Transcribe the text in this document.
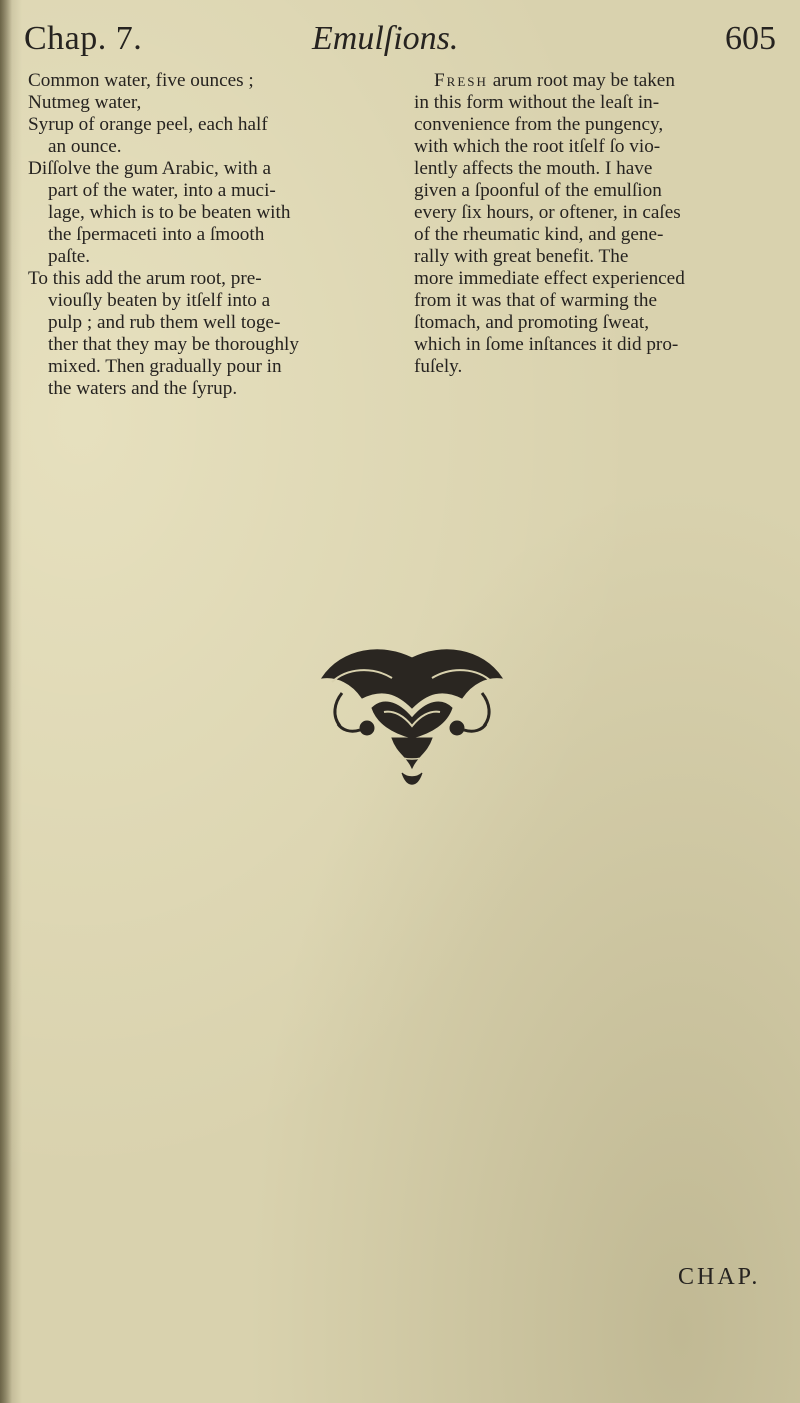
Chap. 7.	Emulſions.	605
Common water, five ounces ;
Nutmeg water,
Syrup of orange peel, each half
an ounce.
Diſſolve the gum Arabic, with a
part of the water, into a muci-
lage, which is to be beaten with
the ſpermaceti into a ſmooth
paſte.
To this add the arum root, pre-
viouſly beaten by itſelf into a
pulp ; and rub them well toge-
ther that they may be thoroughly
mixed. Then gradually pour in
the waters and the ſyrup.
Fresh arum root may be taken
in this form without the leaſt in-
convenience from the pungency,
with which the root itſelf ſo vio-
lently affects the mouth. I have
given a ſpoonful of the emulſion
every ſix hours, or oftener, in caſes
of the rheumatic kind, and gene-
rally with great benefit. The
more immediate effect experienced
from it was that of warming the
ſtomach, and promoting ſweat,
which in ſome inſtances it did pro-
fuſely.
CHAP.
